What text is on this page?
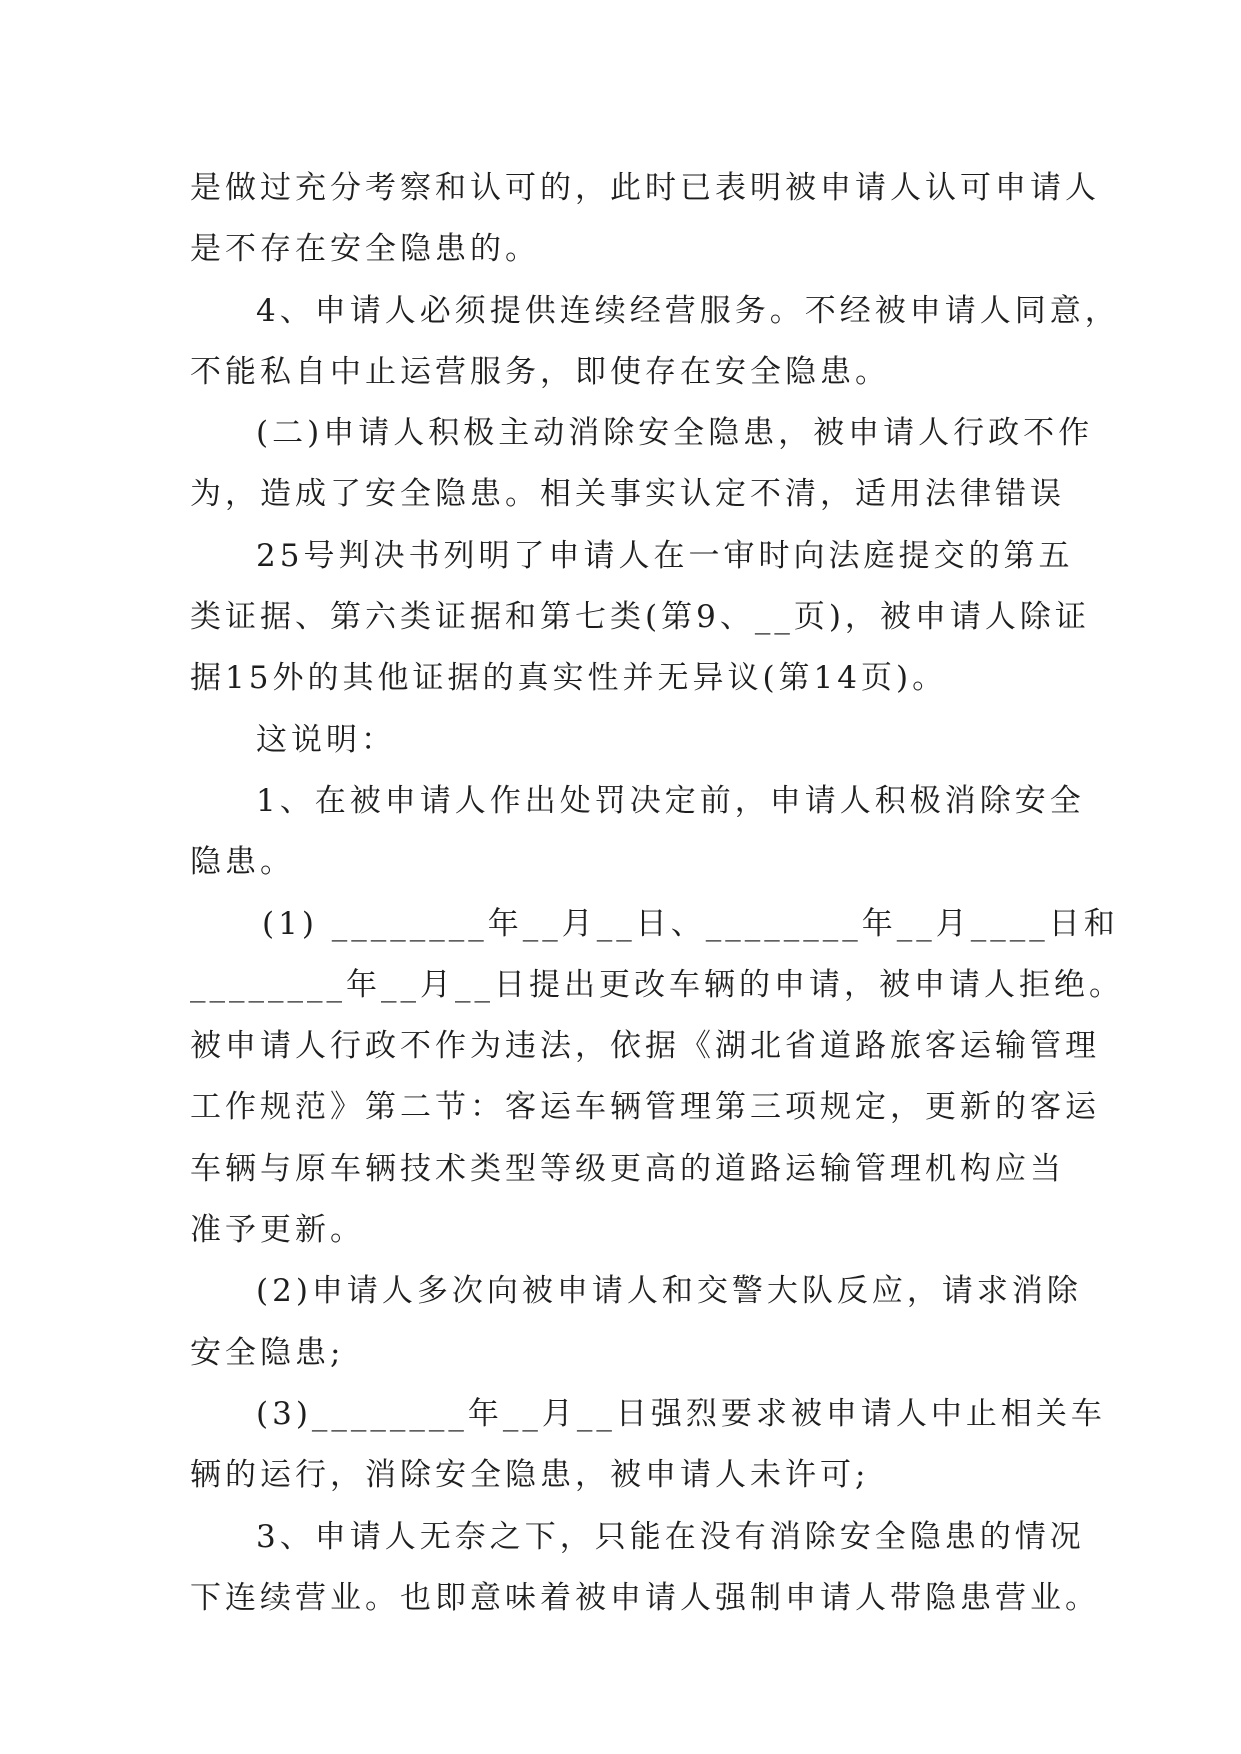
是做过充分考察和认可的，此时已表明被申请人认可申请人
是不存在安全隐患的。
4、申请人必须提供连续经营服务。不经被申请人同意，
不能私自中止运营服务，即使存在安全隐患。
(二)申请人积极主动消除安全隐患，被申请人行政不作
为，造成了安全隐患。相关事实认定不清，适用法律错误
25号判决书列明了申请人在一审时向法庭提交的第五
类证据、第六类证据和第七类(第9、__页)，被申请人除证
据15外的其他证据的真实性并无异议(第14页)。
这说明：
1、在被申请人作出处罚决定前，申请人积极消除安全
隐患。
(1) ________年__月__日、________年__月____日和
________年__月__日提出更改车辆的申请，被申请人拒绝。
被申请人行政不作为违法，依据《湖北省道路旅客运输管理
工作规范》第二节：客运车辆管理第三项规定，更新的客运
车辆与原车辆技术类型等级更高的道路运输管理机构应当
准予更新。
(2)申请人多次向被申请人和交警大队反应，请求消除
安全隐患;
(3)________年__月__日强烈要求被申请人中止相关车
辆的运行，消除安全隐患，被申请人未许可;
3、申请人无奈之下，只能在没有消除安全隐患的情况
下连续营业。也即意味着被申请人强制申请人带隐患营业。
